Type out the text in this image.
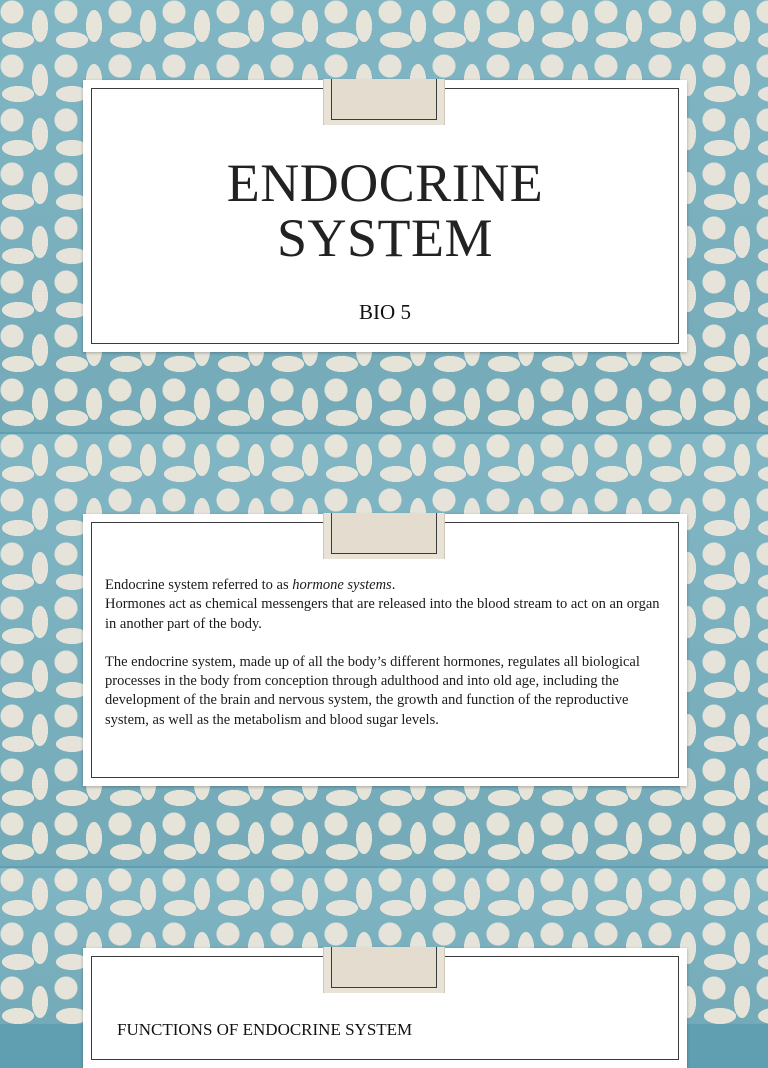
ENDOCRINE
SYSTEM
BIO 5

Endocrine system referred to as hormone systems.

Hormones act as chemical messengers that are released into the blood stream to act on an organ in another part of the body.

The endocrine system, made up of all the body’s different hormones, regulates all biological processes in the body from conception through adulthood and into old age, including the development of the brain and nervous system, the growth and function of the reproductive system, as well as the metabolism and blood sugar levels.

FUNCTIONS OF ENDOCRINE SYSTEM
